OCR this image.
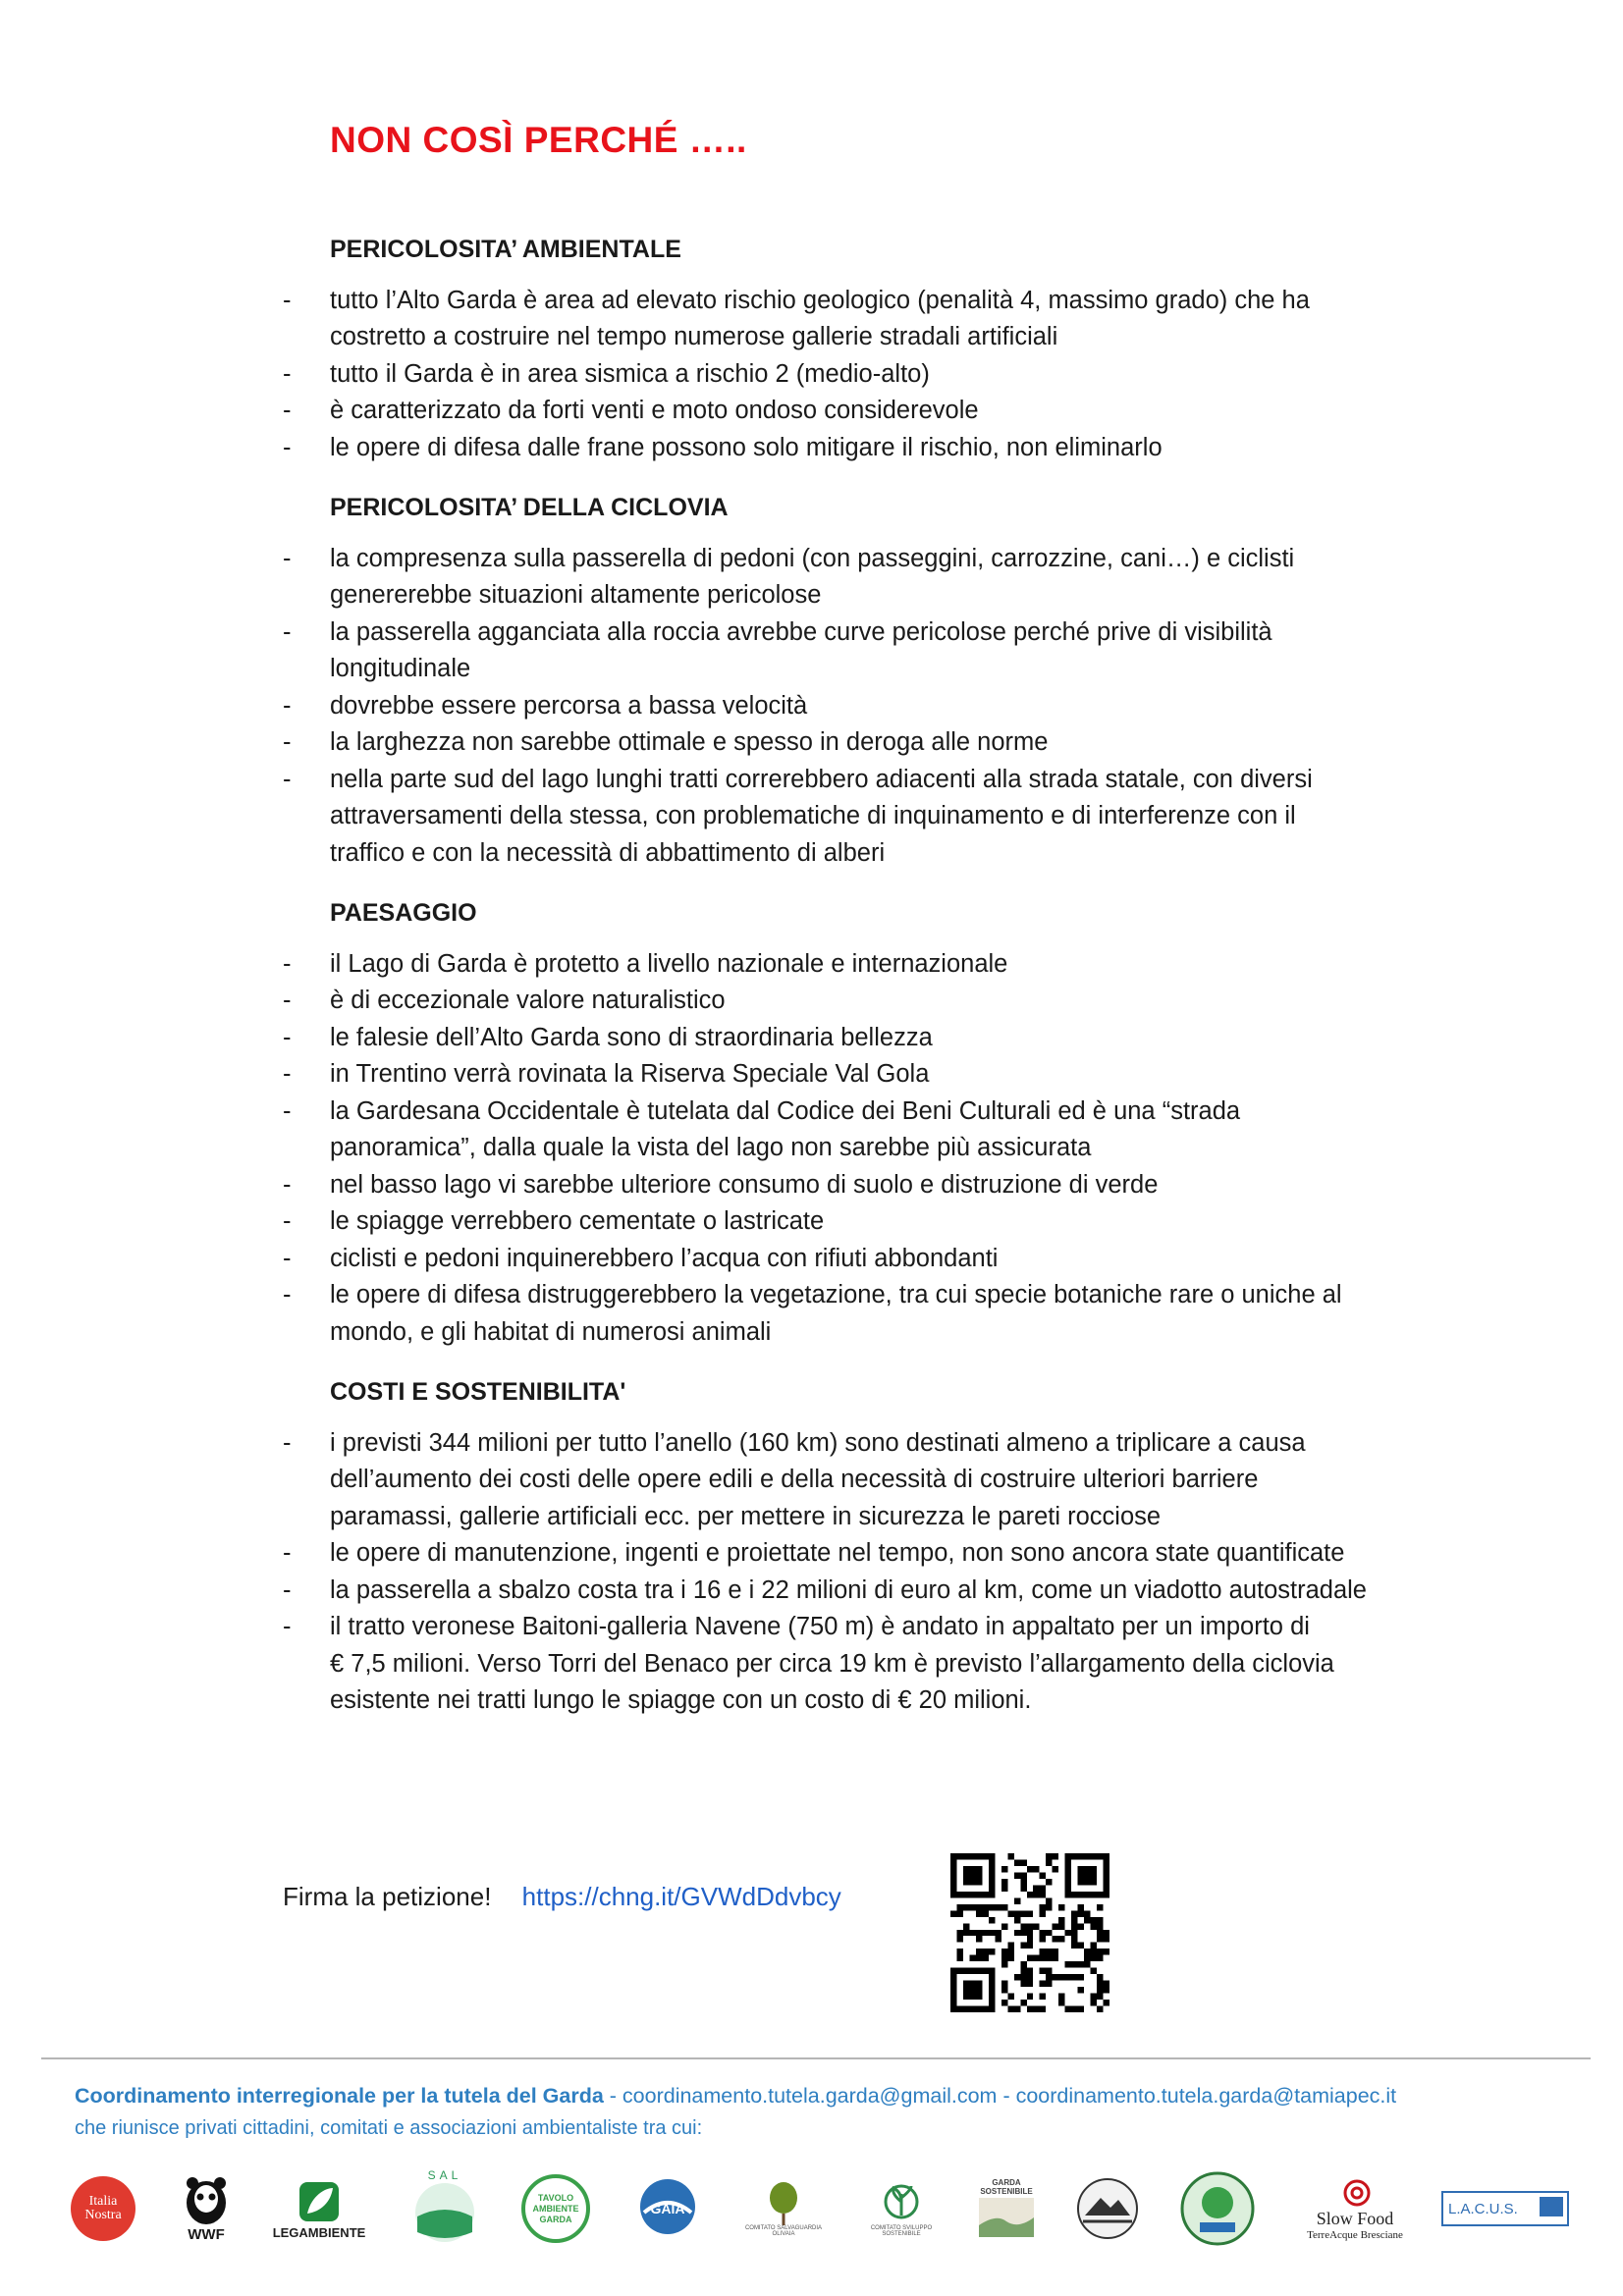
NON COSÌ PERCHÉ …..
PERICOLOSITA’ AMBIENTALE
- tutto l’Alto Garda è area ad elevato rischio geologico (penalità 4, massimo grado) che ha
costretto a costruire nel tempo numerose gallerie stradali artificiali
- tutto il Garda è in area sismica a rischio 2 (medio-alto)
- è caratterizzato da forti venti e moto ondoso considerevole
- le opere di difesa dalle frane possono solo mitigare il rischio, non eliminarlo
PERICOLOSITA’ DELLA CICLOVIA
- la compresenza sulla passerella di pedoni (con passeggini, carrozzine, cani…) e ciclisti
genererebbe situazioni altamente pericolose
- la passerella agganciata alla roccia avrebbe curve pericolose perché prive di visibilità
longitudinale
- dovrebbe essere percorsa a bassa velocità
- la larghezza non sarebbe ottimale e spesso in deroga alle norme
- nella parte sud del lago lunghi tratti correrebbero adiacenti alla strada statale, con diversi
attraversamenti della stessa, con problematiche di inquinamento e di interferenze con il
traffico e con la necessità di abbattimento di alberi
PAESAGGIO
- il Lago di Garda è protetto a livello nazionale e internazionale
- è di eccezionale valore naturalistico
- le falesie dell’Alto Garda sono di straordinaria bellezza
- in Trentino verrà rovinata la Riserva Speciale Val Gola
- la Gardesana Occidentale è tutelata dal Codice dei Beni Culturali ed è una “strada
panoramica”, dalla quale la vista del lago non sarebbe più assicurata
- nel basso lago vi sarebbe ulteriore consumo di suolo e distruzione di verde
- le spiagge verrebbero cementate o lastricate
- ciclisti e pedoni inquinerebbero l’acqua con rifiuti abbondanti
- le opere di difesa distruggerebbero la vegetazione, tra cui specie botaniche rare o uniche al
mondo, e gli habitat di numerosi animali
COSTI E SOSTENIBILITA'
- i previsti 344 milioni per tutto l’anello (160 km) sono destinati almeno a triplicare a causa
dell’aumento dei costi delle opere edili e della necessità di costruire ulteriori barriere
paramassi, gallerie artificiali ecc. per mettere in sicurezza le pareti rocciose
- le opere di manutenzione, ingenti e proiettate nel tempo, non sono ancora state quantificate
- la passerella a sbalzo costa tra i 16 e i 22 milioni di euro al km, come un viadotto autostradale
- il tratto veronese Baitoni-galleria Navene (750 m) è andato in appaltato per un importo di
€ 7,5 milioni. Verso Torri del Benaco per circa 19 km è previsto l’allargamento della ciclovia
esistente nei tratti lungo le spiagge con un costo di € 20 milioni.
Firma la petizione! https://chng.it/GVWdDdvbcy
Coordinamento interregionale per la tutela del Garda - coordinamento.tutela.garda@gmail.com - coordinamento.tutela.garda@tamiapec.it
che riunisce privati cittadini, comitati e associazioni ambientaliste tra cui:
Italia Nostra
WWF	LEGAMBIENTE
SAL
TAVOLO AMBIENTE GARDA
GAIA
COMITATO SALVAGUARDIA OLIVAIA
COMITATO SVILUPPO SOSTENIBILE
GARDA SOSTENIBILE
Slow Food
TerreAcque Bresciane
L.A.C.U.S.
